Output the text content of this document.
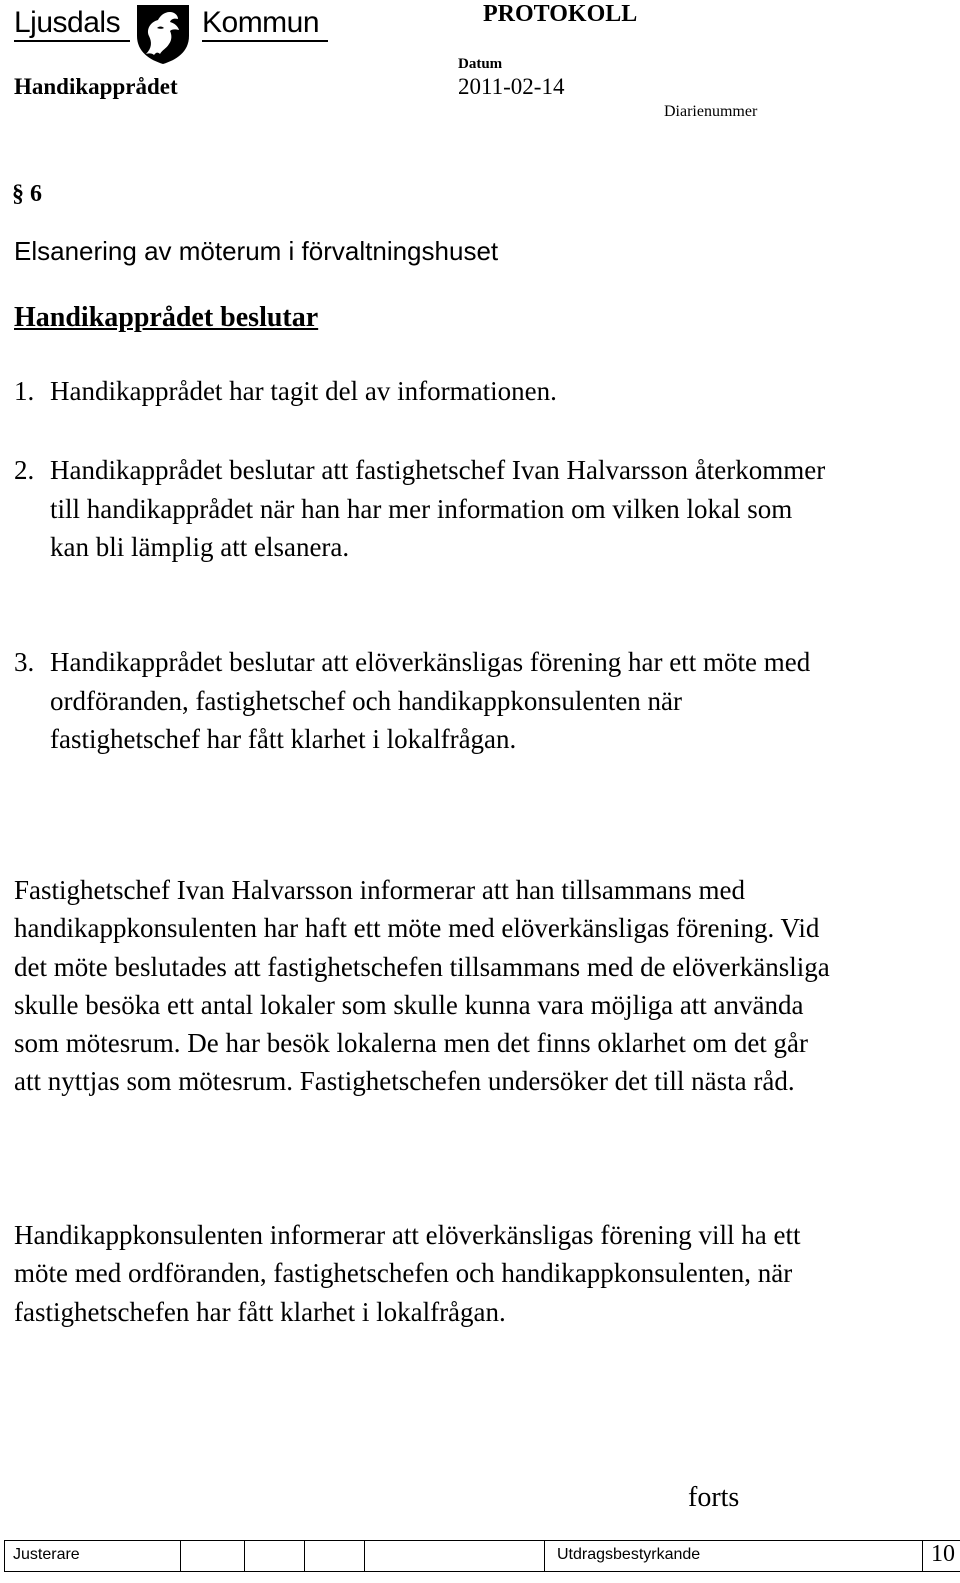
Ljusdals	Kommun	PROTOKOLL
Handikapprådet
Datum
2011-02-14
Diarienummer
§ 6
Elsanering av möterum i förvaltningshuset
Handikapprådet beslutar
1. Handikapprådet har tagit del av informationen.
2. Handikapprådet beslutar att fastighetschef Ivan Halvarsson återkommer till handikapprådet när han har mer information om vilken lokal som kan bli lämplig att elsanera.
3. Handikapprådet beslutar att elöverkänsligas förening har ett möte med ordföranden, fastighetschef och handikappkonsulenten när fastighetschef har fått klarhet i lokalfrågan.
Fastighetschef Ivan Halvarsson informerar att han tillsammans med handikappkonsulenten har haft ett möte med elöverkänsligas förening. Vid det möte beslutades att fastighetschefen tillsammans med de elöverkänsliga skulle besöka ett antal lokaler som skulle kunna vara möjliga att använda som mötesrum. De har besök lokalerna men det finns oklarhet om det går att nyttjas som mötesrum. Fastighetschefen undersöker det till nästa råd.
Handikappkonsulenten informerar att elöverkänsligas förening vill ha ett möte med ordföranden, fastighetschefen och handikappkonsulenten, när fastighetschefen har fått klarhet i lokalfrågan.
forts
Justerare	Utdragsbestyrkande	10
